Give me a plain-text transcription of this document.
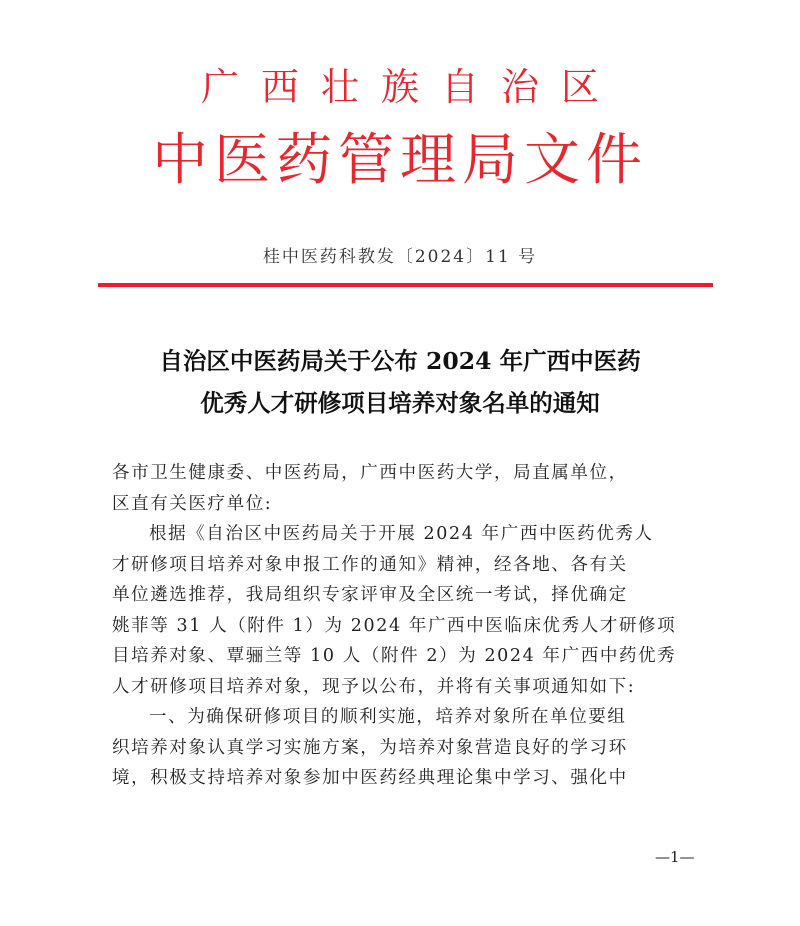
广西壮族自治区
中医药管理局文件
桂中医药科教发〔2024〕11 号
自治区中医药局关于公布 2024 年广西中医药
优秀人才研修项目培养对象名单的通知
各市卫生健康委、中医药局，广西中医药大学，局直属单位，
区直有关医疗单位:
根据《自治区中医药局关于开展 2024 年广西中医药优秀人
才研修项目培养对象申报工作的通知》精神，经各地、各有关
单位遴选推荐，我局组织专家评审及全区统一考试，择优确定
姚菲等 31 人（附件 1）为 2024 年广西中医临床优秀人才研修项
目培养对象、覃骊兰等 10 人（附件 2）为 2024 年广西中药优秀
人才研修项目培养对象，现予以公布，并将有关事项通知如下:
一、为确保研修项目的顺利实施，培养对象所在单位要组
织培养对象认真学习实施方案，为培养对象营造良好的学习环
境，积极支持培养对象参加中医药经典理论集中学习、强化中
—1—
